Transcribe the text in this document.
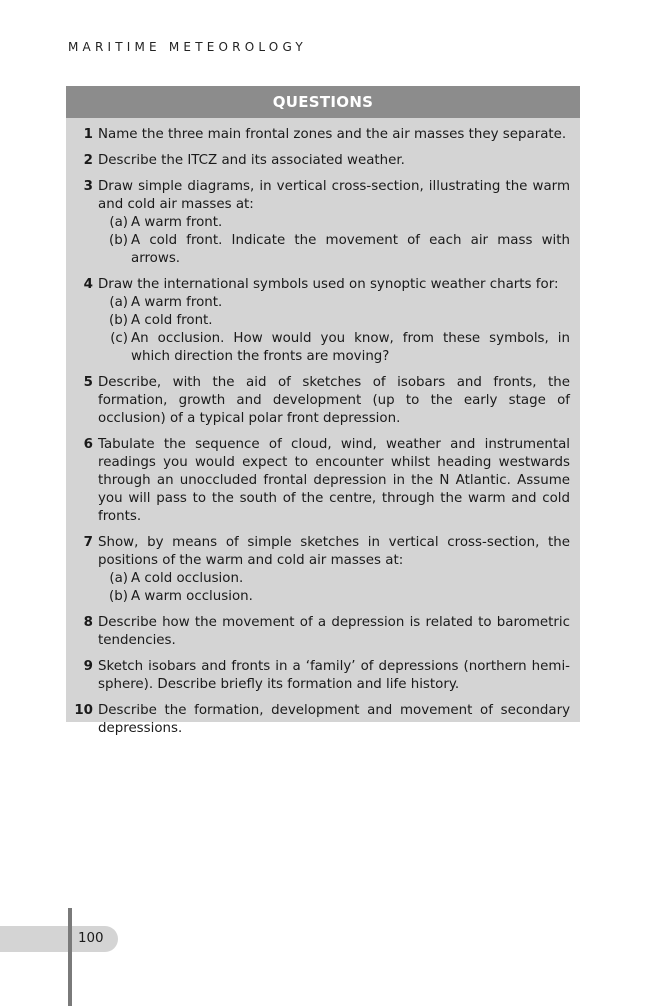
MARITIME METEOROLOGY
QUESTIONS
1 Name the three main frontal zones and the air masses they separate.
2 Describe the ITCZ and its associated weather.
3 Draw simple diagrams, in vertical cross-section, illustrating the warm and cold air masses at:
(a) A warm front.
(b) A cold front. Indicate the movement of each air mass with arrows.
4 Draw the international symbols used on synoptic weather charts for:
(a) A warm front.
(b) A cold front.
(c) An occlusion. How would you know, from these symbols, in which direction the fronts are moving?
5 Describe, with the aid of sketches of isobars and fronts, the formation, growth and development (up to the early stage of occlusion) of a typical polar front depression.
6 Tabulate the sequence of cloud, wind, weather and instrumental readings you would expect to encounter whilst heading westwards through an unoccluded frontal depression in the N Atlantic. Assume you will pass to the south of the centre, through the warm and cold fronts.
7 Show, by means of simple sketches in vertical cross-section, the positions of the warm and cold air masses at:
(a) A cold occlusion.
(b) A warm occlusion.
8 Describe how the movement of a depression is related to barometric tendencies.
9 Sketch isobars and fronts in a ‘family’ of depressions (northern hemi-sphere). Describe briefly its formation and life history.
10 Describe the formation, development and movement of secondary depressions.
100
